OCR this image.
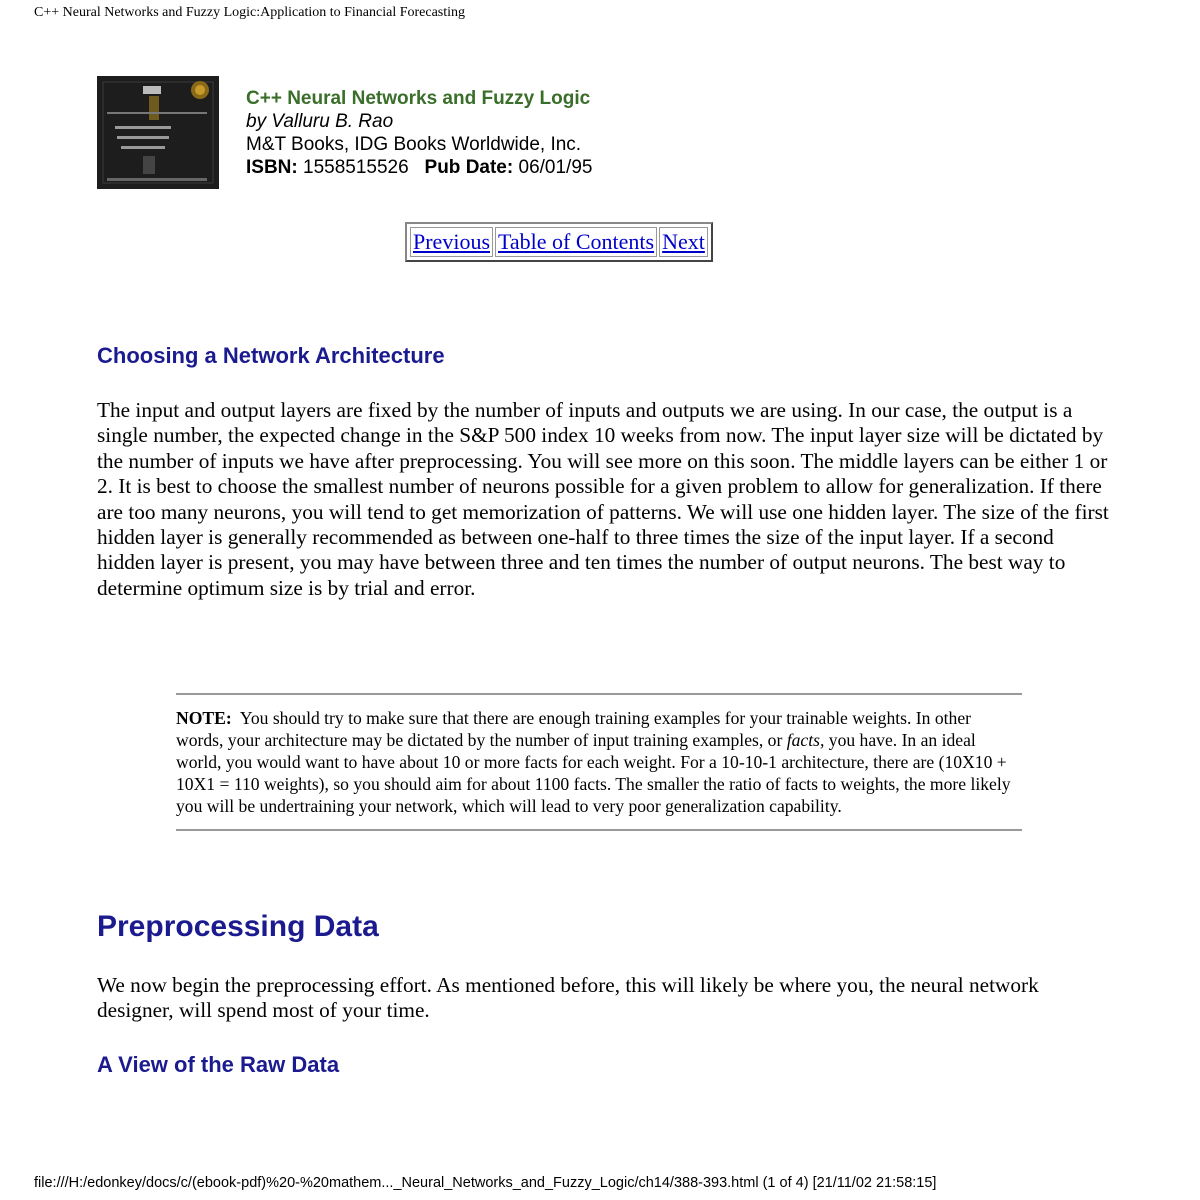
C++ Neural Networks and Fuzzy Logic:Application to Financial Forecasting
C++ Neural Networks and Fuzzy Logic
by Valluru B. Rao
M&T Books, IDG Books Worldwide, Inc.
ISBN: 1558515526 Pub Date: 06/01/95
Previous Table of Contents Next
Choosing a Network Architecture

The input and output layers are fixed by the number of inputs and outputs we are using. In our case, the output is a single number, the expected change in the S&P 500 index 10 weeks from now. The input layer size will be dictated by the number of inputs we have after preprocessing. You will see more on this soon. The middle layers can be either 1 or 2. It is best to choose the smallest number of neurons possible for a given problem to allow for generalization. If there are too many neurons, you will tend to get memorization of patterns. We will use one hidden layer. The size of the first hidden layer is generally recommended as between one-half to three times the size of the input layer. If a second hidden layer is present, you may have between three and ten times the number of output neurons. The best way to determine optimum size is by trial and error.

NOTE: You should try to make sure that there are enough training examples for your trainable weights. In other words, your architecture may be dictated by the number of input training examples, or facts, you have. In an ideal world, you would want to have about 10 or more facts for each weight. For a 10-10-1 architecture, there are (10X10 + 10X1 = 110 weights), so you should aim for about 1100 facts. The smaller the ratio of facts to weights, the more likely you will be undertraining your network, which will lead to very poor generalization capability.
Preprocessing Data

We now begin the preprocessing effort. As mentioned before, this will likely be where you, the neural network designer, will spend most of your time.

A View of the Raw Data
file:///H:/edonkey/docs/c/(ebook-pdf)%20-%20mathem..._Neural_Networks_and_Fuzzy_Logic/ch14/388-393.html (1 of 4) [21/11/02 21:58:15]
